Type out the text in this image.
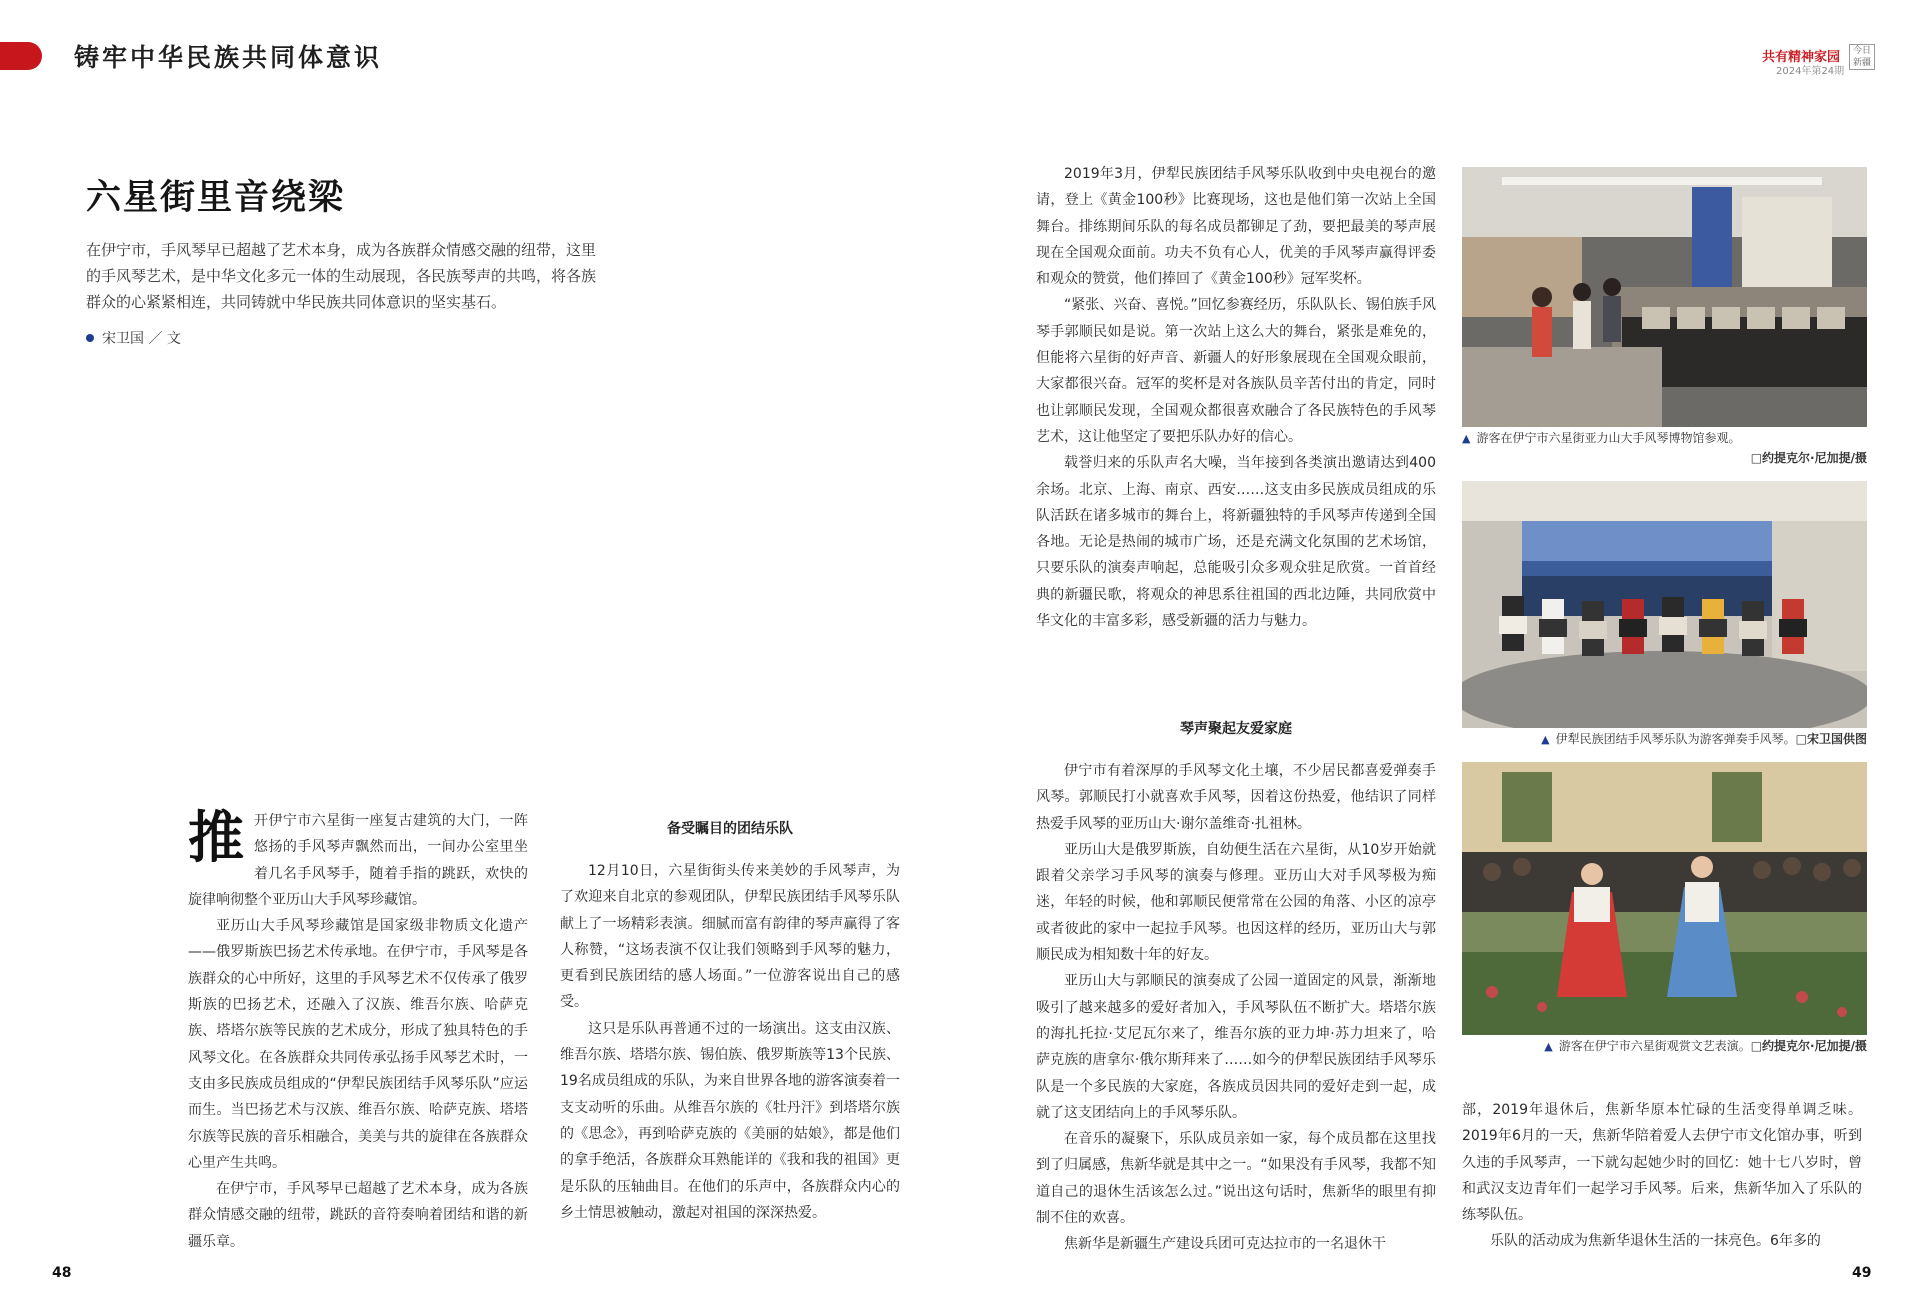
铸牢中华民族共同体意识	共有精神家园
2024年第24期
今日新疆
六星街里音绕梁

在伊宁市，手风琴早已超越了艺术本身，成为各族群众情感交融的纽带，这里的手风琴艺术，是中华文化多元一体的生动展现，各民族琴声的共鸣，将各族群众的心紧紧相连，共同铸就中华民族共同体意识的坚实基石。

宋卫国 ／ 文
推 开伊宁市六星街一座复古建筑的大门，一阵悠扬的手风琴声飘然而出，一间办公室里坐着几名手风琴手，随着手指的跳跃，欢快的旋律响彻整个亚历山大手风琴珍藏馆。

亚历山大手风琴珍藏馆是国家级非物质文化遗产——俄罗斯族巴扬艺术传承地。在伊宁市，手风琴是各族群众的心中所好，这里的手风琴艺术不仅传承了俄罗斯族的巴扬艺术，还融入了汉族、维吾尔族、哈萨克族、塔塔尔族等民族的艺术成分，形成了独具特色的手风琴文化。在各族群众共同传承弘扬手风琴艺术时，一支由多民族成员组成的“伊犁民族团结手风琴乐队”应运而生。当巴扬艺术与汉族、维吾尔族、哈萨克族、塔塔尔族等民族的音乐相融合，美美与共的旋律在各族群众心里产生共鸣。

在伊宁市，手风琴早已超越了艺术本身，成为各族群众情感交融的纽带，跳跃的音符奏响着团结和谐的新疆乐章。

备受瞩目的团结乐队

12月10日，六星街街头传来美妙的手风琴声，为了欢迎来自北京的参观团队，伊犁民族团结手风琴乐队献上了一场精彩表演。细腻而富有韵律的琴声赢得了客人称赞，“这场表演不仅让我们领略到手风琴的魅力，更看到民族团结的感人场面。”一位游客说出自己的感受。

这只是乐队再普通不过的一场演出。这支由汉族、维吾尔族、塔塔尔族、锡伯族、俄罗斯族等13个民族、19名成员组成的乐队，为来自世界各地的游客演奏着一支支动听的乐曲。从维吾尔族的《牡丹汗》到塔塔尔族的《思念》，再到哈萨克族的《美丽的姑娘》，都是他们的拿手绝活，各族群众耳熟能详的《我和我的祖国》更是乐队的压轴曲目。在他们的乐声中，各族群众内心的乡土情思被触动，激起对祖国的深深热爱。

2019年3月，伊犁民族团结手风琴乐队收到中央电视台的邀请，登上《黄金100秒》比赛现场，这也是他们第一次站上全国舞台。排练期间乐队的每名成员都铆足了劲，要把最美的琴声展现在全国观众面前。功夫不负有心人，优美的手风琴声赢得评委和观众的赞赏，他们捧回了《黄金100秒》冠军奖杯。

“紧张、兴奋、喜悦。”回忆参赛经历，乐队队长、锡伯族手风琴手郭顺民如是说。第一次站上这么大的舞台，紧张是难免的，但能将六星街的好声音、新疆人的好形象展现在全国观众眼前，大家都很兴奋。冠军的奖杯是对各族队员辛苦付出的肯定，同时也让郭顺民发现，全国观众都很喜欢融合了各民族特色的手风琴艺术，这让他坚定了要把乐队办好的信心。

载誉归来的乐队声名大噪，当年接到各类演出邀请达到400余场。北京、上海、南京、西安……这支由多民族成员组成的乐队活跃在诸多城市的舞台上，将新疆独特的手风琴声传递到全国各地。无论是热闹的城市广场，还是充满文化氛围的艺术场馆，只要乐队的演奏声响起，总能吸引众多观众驻足欣赏。一首首经典的新疆民歌，将观众的神思系往祖国的西北边陲，共同欣赏中华文化的丰富多彩，感受新疆的活力与魅力。

琴声聚起友爱家庭

伊宁市有着深厚的手风琴文化土壤，不少居民都喜爱弹奏手风琴。郭顺民打小就喜欢手风琴，因着这份热爱，他结识了同样热爱手风琴的亚历山大·谢尔盖维奇·扎祖林。

亚历山大是俄罗斯族，自幼便生活在六星街，从10岁开始就跟着父亲学习手风琴的演奏与修理。亚历山大对手风琴极为痴迷，年轻的时候，他和郭顺民便常常在公园的角落、小区的凉亭或者彼此的家中一起拉手风琴。也因这样的经历，亚历山大与郭顺民成为相知数十年的好友。

亚历山大与郭顺民的演奏成了公园一道固定的风景，渐渐地吸引了越来越多的爱好者加入，手风琴队伍不断扩大。塔塔尔族的海扎托拉·艾尼瓦尔来了，维吾尔族的亚力坤·苏力坦来了，哈萨克族的唐拿尔·俄尔斯拜来了……如今的伊犁民族团结手风琴乐队是一个多民族的大家庭，各族成员因共同的爱好走到一起，成就了这支团结向上的手风琴乐队。

在音乐的凝聚下，乐队成员亲如一家，每个成员都在这里找到了归属感，焦新华就是其中之一。“如果没有手风琴，我都不知道自己的退休生活该怎么过。”说出这句话时，焦新华的眼里有抑制不住的欢喜。

焦新华是新疆生产建设兵团可克达拉市的一名退休干

部，2019年退休后，焦新华原本忙碌的生活变得单调乏味。2019年6月的一天，焦新华陪着爱人去伊宁市文化馆办事，听到久违的手风琴声，一下就勾起她少时的回忆：她十七八岁时，曾和武汉支边青年们一起学习手风琴。后来，焦新华加入了乐队的练琴队伍。

乐队的活动成为焦新华退休生活的一抹亮色。6年多的

▲ 游客在伊宁市六星街亚力山大手风琴博物馆参观。
□约提克尔·尼加提/摄
▲ 伊犁民族团结手风琴乐队为游客弹奏手风琴。□宋卫国供图
▲ 游客在伊宁市六星街观赏文艺表演。□约提克尔·尼加提/摄
48	49
